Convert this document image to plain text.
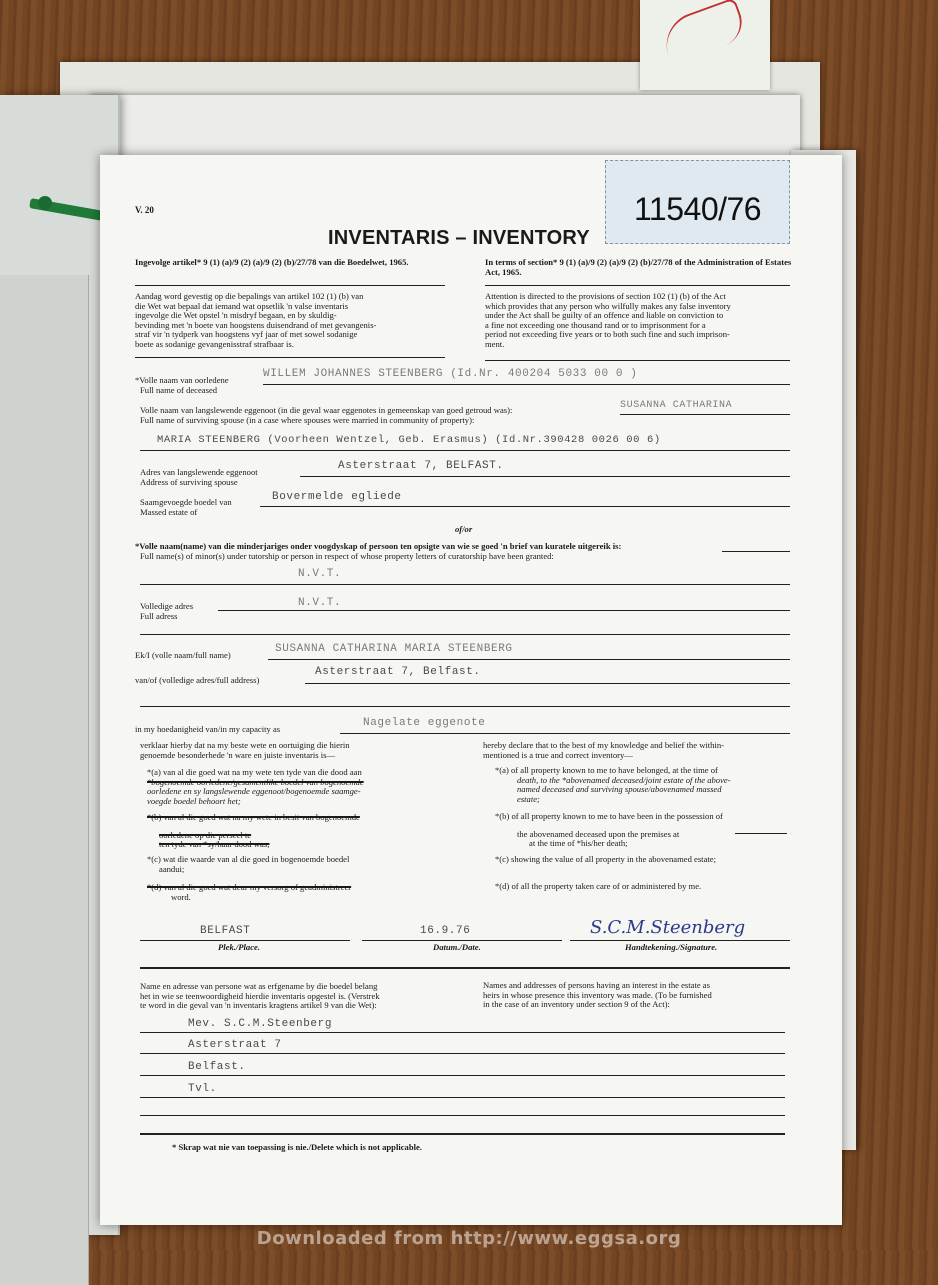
V. 20	11540/76
INVENTARIS – INVENTORY
Ingevolge artikel* 9 (1) (a)/9 (2) (a)/9 (2) (b)/27/78 van die Boedelwet, 1965.	In terms of section* 9 (1) (a)/9 (2) (a)/9 (2) (b)/27/78 of the Administration of Estates Act, 1965.
Aandag word gevestig op die bepalings van artikel 102 (1) (b) van
die Wet wat bepaal dat iemand wat opsetlik 'n valse inventaris
ingevolge die Wet opstel 'n misdryf begaan, en by skuldig-
bevinding met 'n boete van hoogstens duisendrand of met gevangenis-
straf vir 'n tydperk van hoogstens vyf jaar of met sowel sodanige
boete as sodanige gevangenisstraf strafbaar is.
Attention is directed to the provisions of section 102 (1) (b) of the Act
which provides that any person who wilfully makes any false inventory
under the Act shall be guilty of an offence and liable on conviction to
a fine not exceeding one thousand rand or to imprisonment for a
period not exceeding five years or to both such fine and such imprison-
ment.
*Volle naam van oorledene
Full name of deceased
WILLEM JOHANNES STEENBERG (Id.Nr. 400204 5033 00 0 )
Volle naam van langslewende eggenoot (in die geval waar eggenotes in gemeenskap van goed getroud was):
Full name of surviving spouse (in a case where spouses were married in community of property):
SUSANNA CATHARINA
MARIA STEENBERG (Voorheen Wentzel, Geb. Erasmus) (Id.Nr.390428 0026 00 6)
Adres van langslewende eggenoot
Address of surviving spouse
Asterstraat 7, BELFAST.
Saamgevoegde boedel van
Massed estate of
Bovermelde egliede
of/or
*Volle naam(name) van die minderjariges onder voogdyskap of persoon ten opsigte van wie se goed 'n brief van kuratele uitgereik is:
Full name(s) of minor(s) under tutorship or person in respect of whose property letters of curatorship have been granted:
N.V.T.
Volledige adres
Full adress
N.V.T.
Ek/I (volle naam/full name)	SUSANNA CATHARINA MARIA STEENBERG
van/of (volledige adres/full address)
Asterstraat 7, Belfast.
in my hoedanigheid van/in my capacity as	Nagelate eggenote
verklaar hierby dat na my beste wete en oortuiging die hierin
genoemde besonderhede 'n ware en juiste inventaris is—
hereby declare that to the best of my knowledge and belief the within-
mentioned is a true and correct inventory—
*(a) van al die goed wat na my wete ten tyde van die dood aan
*bogenoemde oorledene/gesamentlike boedel van bogenoemde
oorledene en sy langslewende eggenoot/bogenoemde saamge-
voegde boedel behoort het;
*(b) van al die goed wat na my wete in besit van bogenoemde
oorledene op die perseel te
ten tyde van *sy/haar dood was;
*(c) wat die waarde van al die goed in bogenoemde boedel
aandui;
*(d) van al die goed wat deur my versorg of geadministreer
word.
*(a) of all property known to me to have belonged, at the time of
death, to the *abovenamed deceased/joint estate of the above-
named deceased and surviving spouse/abovenamed massed
estate;
*(b) of all property known to me to have been in the possession of
the abovenamed deceased upon the premises at
at the time of *his/her death;
*(c) showing the value of all property in the abovenamed estate;
*(d) of all the property taken care of or administered by me.
BELFAST	16.9.76	S.C.M.Steenberg
Plek./Place.	Datum./Date.	Handtekening./Signature.
Name en adresse van persone wat as erfgename by die boedel belang
het in wie se teenwoordigheid hierdie inventaris opgestel is. (Verstrek
te word in die geval van 'n inventaris kragtens artikel 9 van die Wet):
Names and addresses of persons having an interest in the estate as
heirs in whose presence this inventory was made. (To be furnished
in the case of an inventory under section 9 of the Act):
Mev. S.C.M.Steenberg
Asterstraat 7
Belfast.
Tvl.
* Skrap wat nie van toepassing is nie./Delete which is not applicable.
Downloaded from http://www.eggsa.org
